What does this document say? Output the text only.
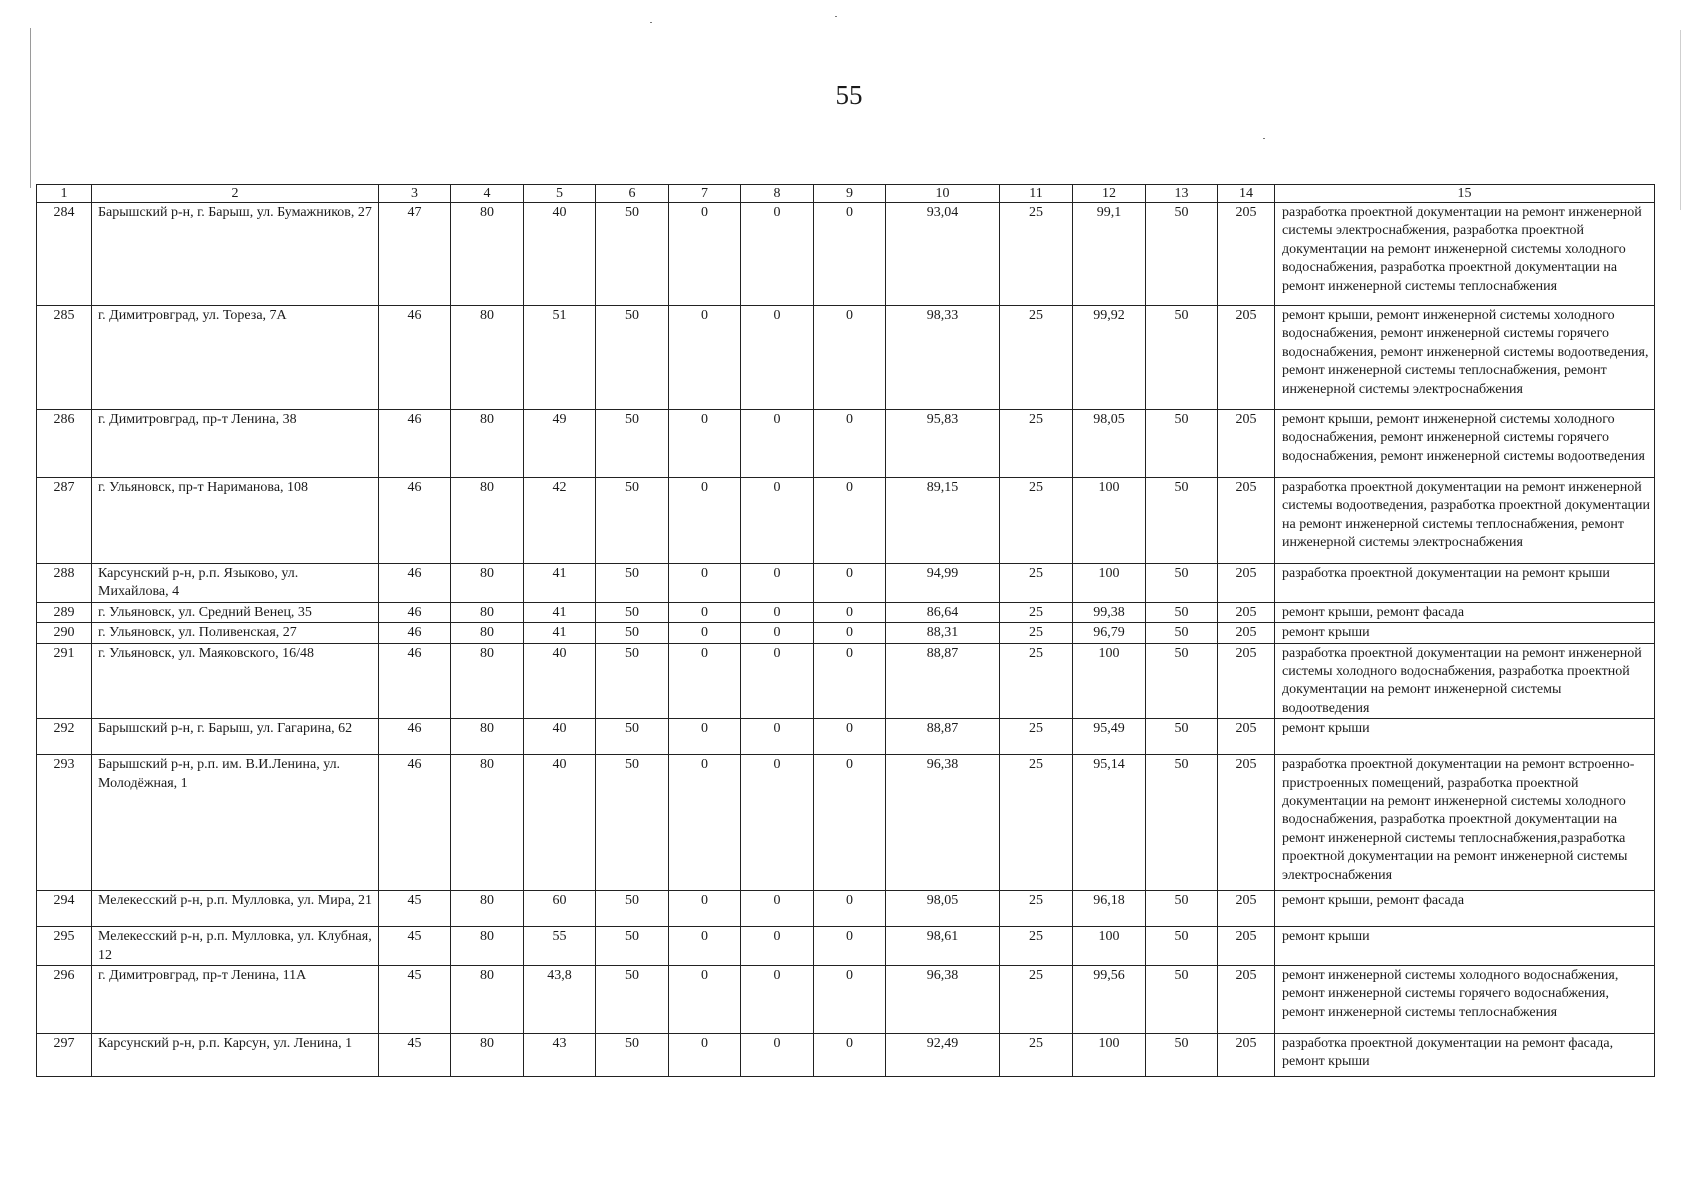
55
1	2	3	4	5	6	7	8	9	10	11	12	13	14	15
284	Барышский р-н, г. Барыш, ул. Бумажников, 27	47	80	40	50	0	0	0	93,04	25	99,1	50	205	разработка проектной документации на ремонт инженерной системы электроснабжения, разработка проектной документации на ремонт инженерной системы холодного водоснабжения, разработка проектной документации на ремонт инженерной системы теплоснабжения
285	г. Димитровград, ул. Тореза, 7А	46	80	51	50	0	0	0	98,33	25	99,92	50	205	ремонт крыши, ремонт инженерной системы холодного водоснабжения, ремонт инженерной системы горячего водоснабжения, ремонт инженерной системы водоотведения, ремонт инженерной системы теплоснабжения, ремонт инженерной системы электроснабжения
286	г. Димитровград, пр-т Ленина, 38	46	80	49	50	0	0	0	95,83	25	98,05	50	205	ремонт крыши, ремонт инженерной системы холодного водоснабжения, ремонт инженерной системы горячего водоснабжения, ремонт инженерной системы водоотведения
287	г. Ульяновск, пр-т Нариманова, 108	46	80	42	50	0	0	0	89,15	25	100	50	205	разработка проектной документации на ремонт инженерной системы водоотведения, разработка проектной документации на ремонт инженерной системы теплоснабжения, ремонт инженерной системы электроснабжения
288	Карсунский р-н, р.п. Языково, ул. Михайлова, 4	46	80	41	50	0	0	0	94,99	25	100	50	205	разработка проектной документации на ремонт крыши
289	г. Ульяновск, ул. Средний Венец, 35	46	80	41	50	0	0	0	86,64	25	99,38	50	205	ремонт крыши, ремонт фасада
290	г. Ульяновск, ул. Поливенская, 27	46	80	41	50	0	0	0	88,31	25	96,79	50	205	ремонт крыши
291	г. Ульяновск, ул. Маяковского, 16/48	46	80	40	50	0	0	0	88,87	25	100	50	205	разработка проектной документации на ремонт инженерной системы холодного водоснабжения, разработка проектной документации на ремонт инженерной системы водоотведения
292	Барышский р-н, г. Барыш, ул. Гагарина, 62	46	80	40	50	0	0	0	88,87	25	95,49	50	205	ремонт крыши
293	Барышский р-н, р.п. им. В.И.Ленина, ул. Молодёжная, 1	46	80	40	50	0	0	0	96,38	25	95,14	50	205	разработка проектной документации на ремонт встроенно-пристроенных помещений, разработка проектной документации на ремонт инженерной системы холодного водоснабжения, разработка проектной документации на ремонт инженерной системы теплоснабжения,разработка проектной документации на ремонт инженерной системы электроснабжения
294	Мелекесский р-н, р.п. Мулловка, ул. Мира, 21	45	80	60	50	0	0	0	98,05	25	96,18	50	205	ремонт крыши, ремонт фасада
295	Мелекесский р-н, р.п. Мулловка, ул. Клубная, 12	45	80	55	50	0	0	0	98,61	25	100	50	205	ремонт крыши
296	г. Димитровград, пр-т Ленина, 11А	45	80	43,8	50	0	0	0	96,38	25	99,56	50	205	ремонт инженерной системы холодного водоснабжения, ремонт инженерной системы горячего водоснабжения, ремонт инженерной системы теплоснабжения
297	Карсунский р-н, р.п. Карсун, ул. Ленина, 1	45	80	43	50	0	0	0	92,49	25	100	50	205	разработка проектной документации на ремонт фасада, ремонт крыши
